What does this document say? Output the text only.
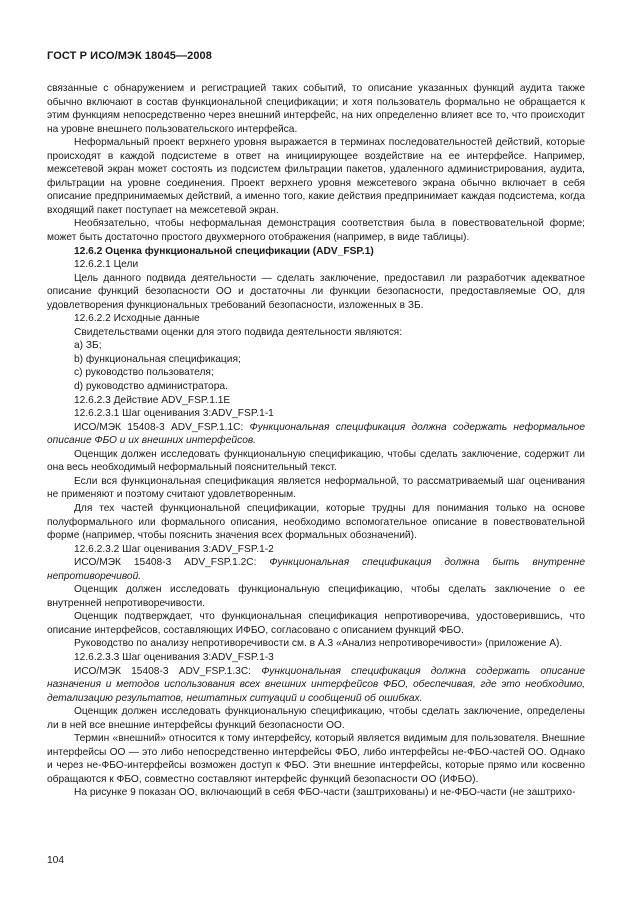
ГОСТ Р ИСО/МЭК 18045—2008

связанные с обнаружением и регистрацией таких событий, то описание указанных функций аудита также обычно включают в состав функциональной спецификации; и хотя пользователь формально не обращается к этим функциям непосредственно через внешний интерфейс, на них определенно влияет все то, что происходит на уровне внешнего пользовательского интерфейса.

Неформальный проект верхнего уровня выражается в терминах последовательностей действий, которые происходят в каждой подсистеме в ответ на инициирующее воздействие на ее интерфейсе. Например, межсетевой экран может состоять из подсистем фильтрации пакетов, удаленного администрирования, аудита, фильтрации на уровне соединения. Проект верхнего уровня межсетевого экрана обычно включает в себя описание предпринимаемых действий, а именно того, какие действия предпринимает каждая подсистема, когда входящий пакет поступает на межсетевой экран.

Необязательно, чтобы неформальная демонстрация соответствия была в повествовательной форме; может быть достаточно простого двухмерного отображения (например, в виде таблицы).

12.6.2 Оценка функциональной спецификации (ADV_FSP.1)

12.6.2.1 Цели

Цель данного подвида деятельности — сделать заключение, предоставил ли разработчик адекватное описание функций безопасности ОО и достаточны ли функции безопасности, предоставляемые ОО, для удовлетворения функциональных требований безопасности, изложенных в ЗБ.

12.6.2.2 Исходные данные

Свидетельствами оценки для этого подвида деятельности являются:

a) ЗБ;

b) функциональная спецификация;

c) руководство пользователя;

d) руководство администратора.

12.6.2.3 Действие ADV_FSP.1.1E

12.6.2.3.1 Шаг оценивания 3:ADV_FSP.1-1

ИСО/МЭК 15408-3 ADV_FSP.1.1C: Функциональная спецификация должна содержать неформальное описание ФБО и их внешних интерфейсов.

Оценщик должен исследовать функциональную спецификацию, чтобы сделать заключение, содержит ли она весь необходимый неформальный пояснительный текст.

Если вся функциональная спецификация является неформальной, то рассматриваемый шаг оценивания не применяют и поэтому считают удовлетворенным.

Для тех частей функциональной спецификации, которые трудны для понимания только на основе полуформального или формального описания, необходимо вспомогательное описание в повествовательной форме (например, чтобы пояснить значения всех формальных обозначений).

12.6.2.3.2 Шаг оценивания 3:ADV_FSP.1-2

ИСО/МЭК 15408-3 ADV_FSP.1.2C: Функциональная спецификация должна быть внутренне непротиворечивой.

Оценщик должен исследовать функциональную спецификацию, чтобы сделать заключение о ее внутренней непротиворечивости.

Оценщик подтверждает, что функциональная спецификация непротиворечива, удостоверившись, что описание интерфейсов, составляющих ИФБО, согласовано с описанием функций ФБО.

Руководство по анализу непротиворечивости см. в А.3 «Анализ непротиворечивости» (приложение А).

12.6.2.3.3 Шаг оценивания 3:ADV_FSP.1-3

ИСО/МЭК 15408-3 ADV_FSP.1.3C: Функциональная спецификация должна содержать описание назначения и методов использования всех внешних интерфейсов ФБО, обеспечивая, где это необходимо, детализацию результатов, нештатных ситуаций и сообщений об ошибках.

Оценщик должен исследовать функциональную спецификацию, чтобы сделать заключение, определены ли в ней все внешние интерфейсы функций безопасности ОО.

Термин «внешний» относится к тому интерфейсу, который является видимым для пользователя. Внешние интерфейсы ОО — это либо непосредственно интерфейсы ФБО, либо интерфейсы не-ФБО-частей ОО. Однако и через не-ФБО-интерфейсы возможен доступ к ФБО. Эти внешние интерфейсы, которые прямо или косвенно обращаются к ФБО, совместно составляют интерфейс функций безопасности ОО (ИФБО).

На рисунке 9 показан ОО, включающий в себя ФБО-части (заштрихованы) и не-ФБО-части (не заштрихо-

104
